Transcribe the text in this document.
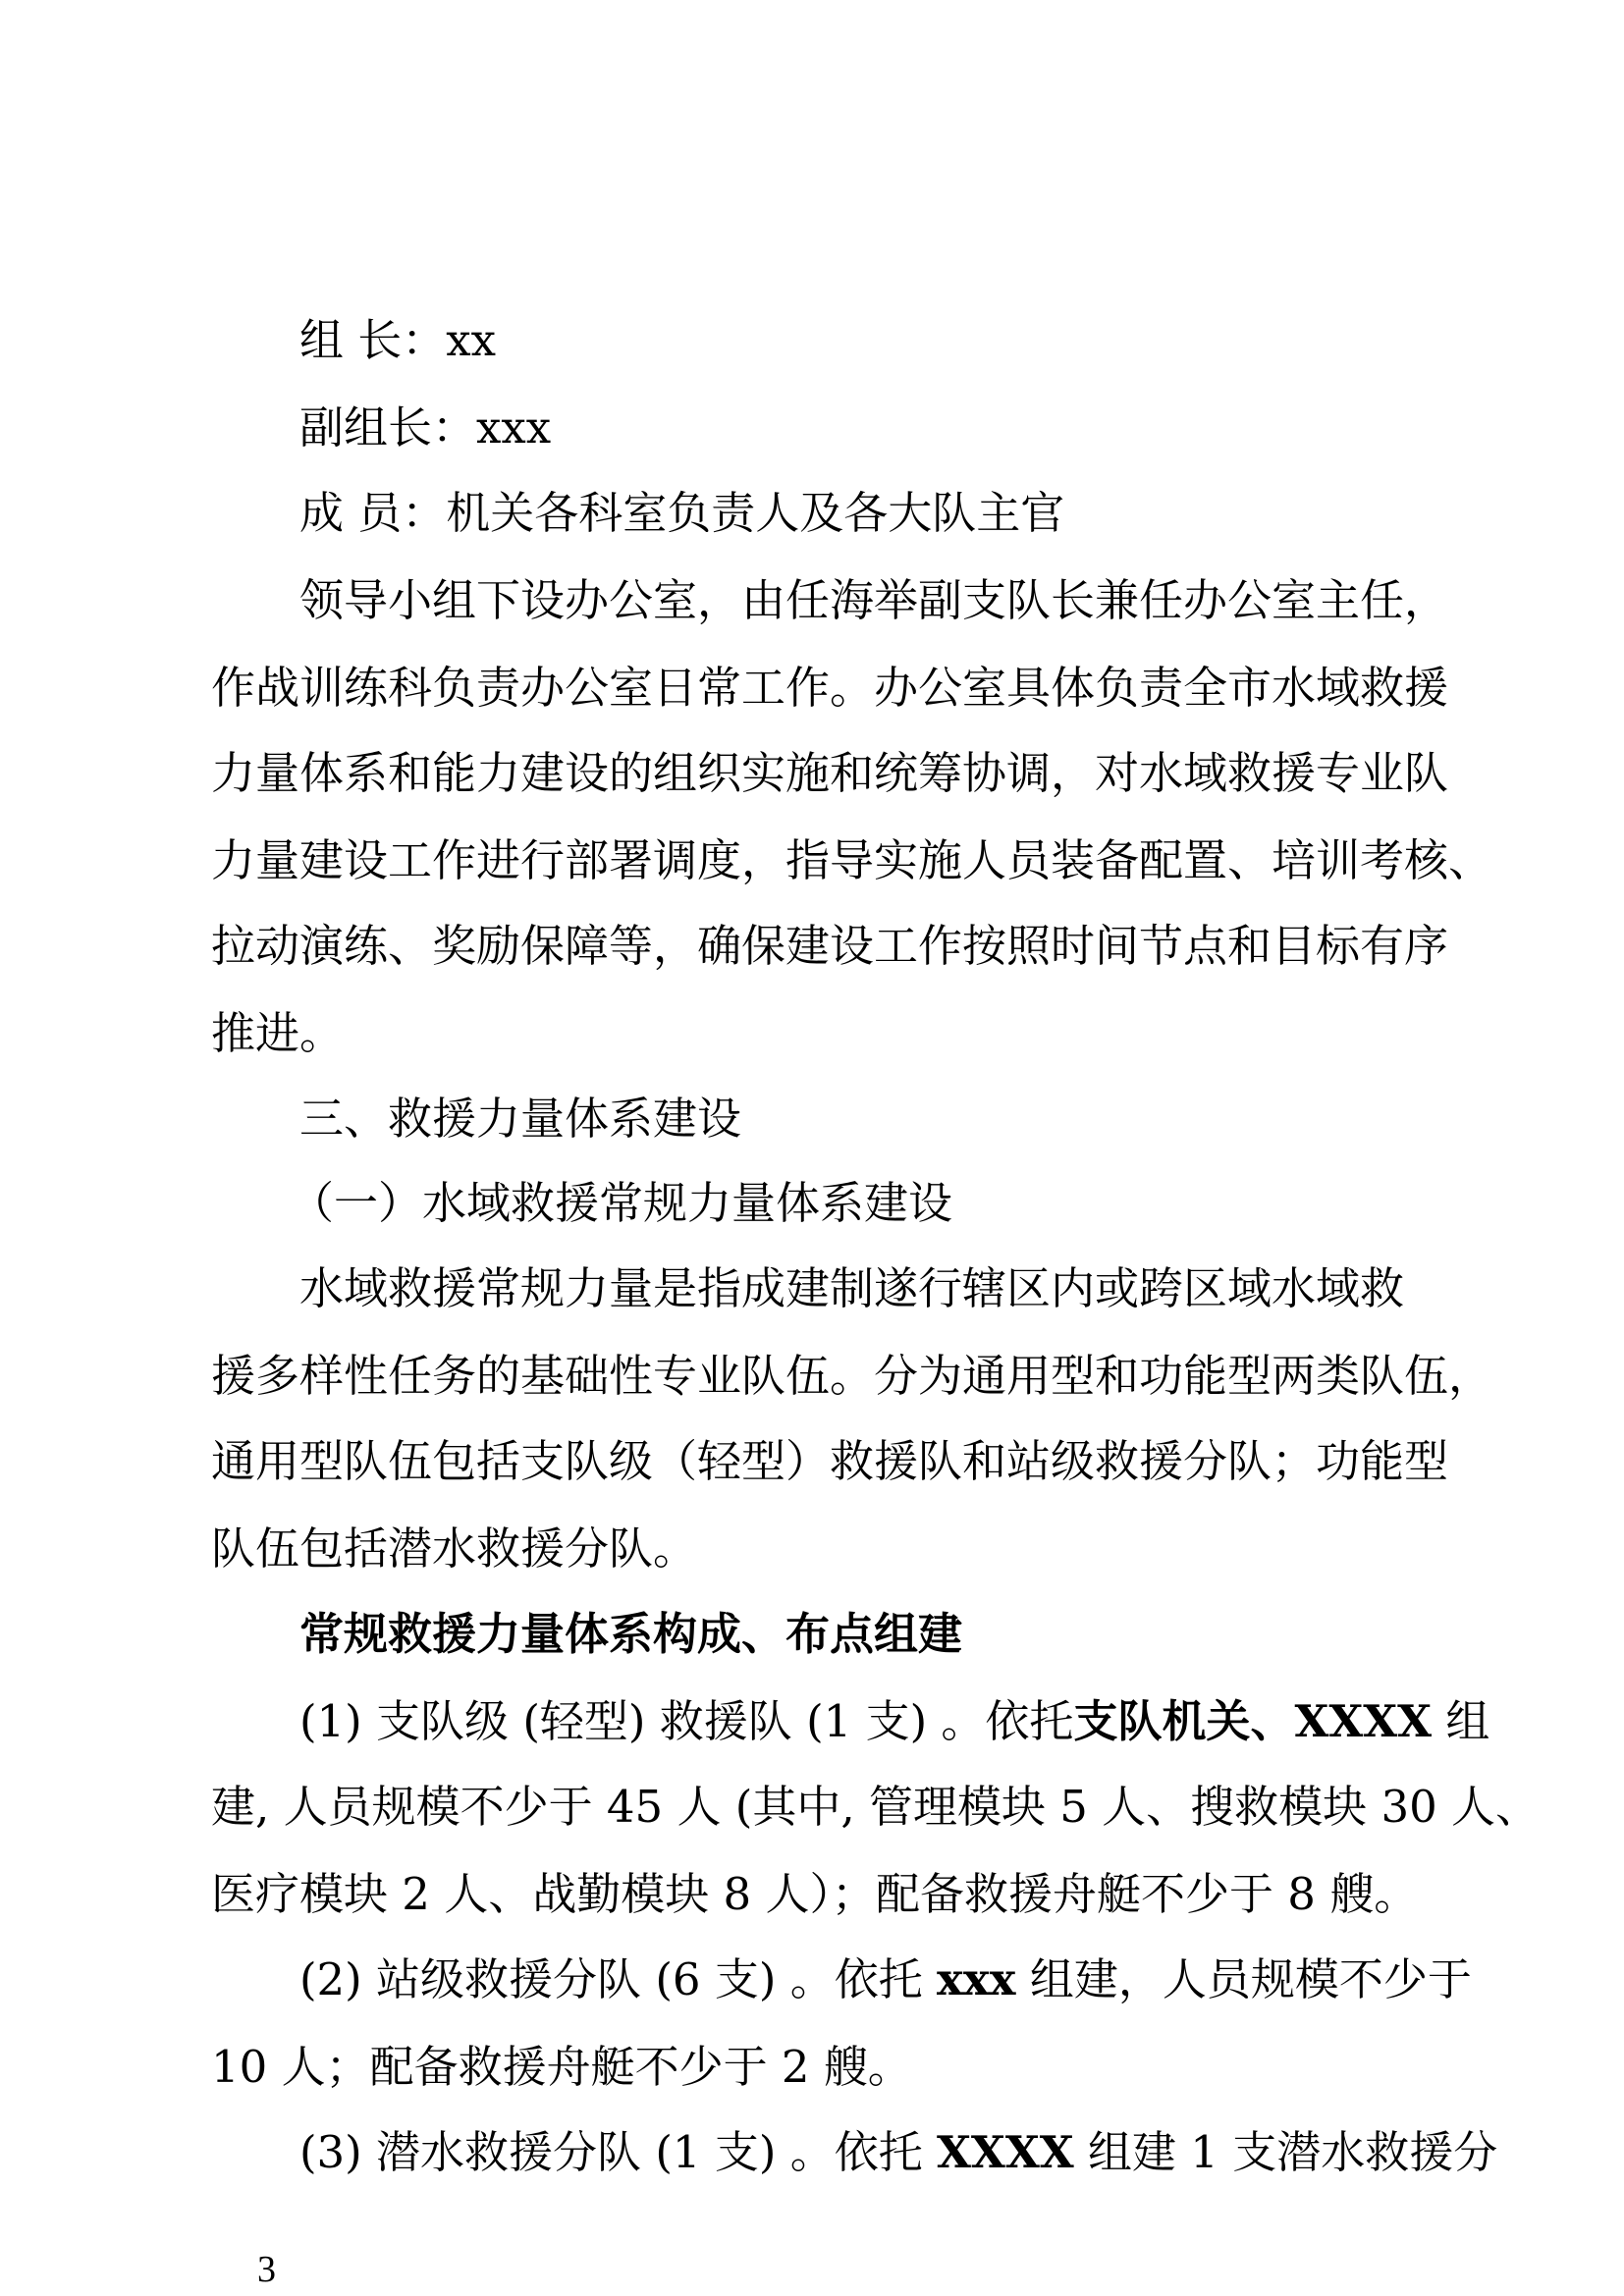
组 长：xx
副组长：xxx
成 员：机关各科室负责人及各大队主官
领导小组下设办公室，由任海举副支队长兼任办公室主任，
作战训练科负责办公室日常工作。办公室具体负责全市水域救援
力量体系和能力建设的组织实施和统筹协调，对水域救援专业队
力量建设工作进行部署调度，指导实施人员装备配置、培训考核、
拉动演练、奖励保障等，确保建设工作按照时间节点和目标有序
推进。
三、救援力量体系建设
（一）水域救援常规力量体系建设
水域救援常规力量是指成建制遂行辖区内或跨区域水域救
援多样性任务的基础性专业队伍。分为通用型和功能型两类队伍，
通用型队伍包括支队级（轻型）救援队和站级救援分队；功能型
队伍包括潜水救援分队。
常规救援力量体系构成、布点组建
(1) 支队级 (轻型) 救援队 (1 支) 。依托支队机关、XXXX 组
建, 人员规模不少于 45 人 (其中, 管理模块 5 人、搜救模块 30 人、
医疗模块 2 人、战勤模块 8 人）；配备救援舟艇不少于 8 艘。
(2) 站级救援分队 (6 支) 。依托 xxx 组建，人员规模不少于
10 人；配备救援舟艇不少于 2 艘。
(3) 潜水救援分队 (1 支) 。依托 XXXX 组建 1 支潜水救援分
3
